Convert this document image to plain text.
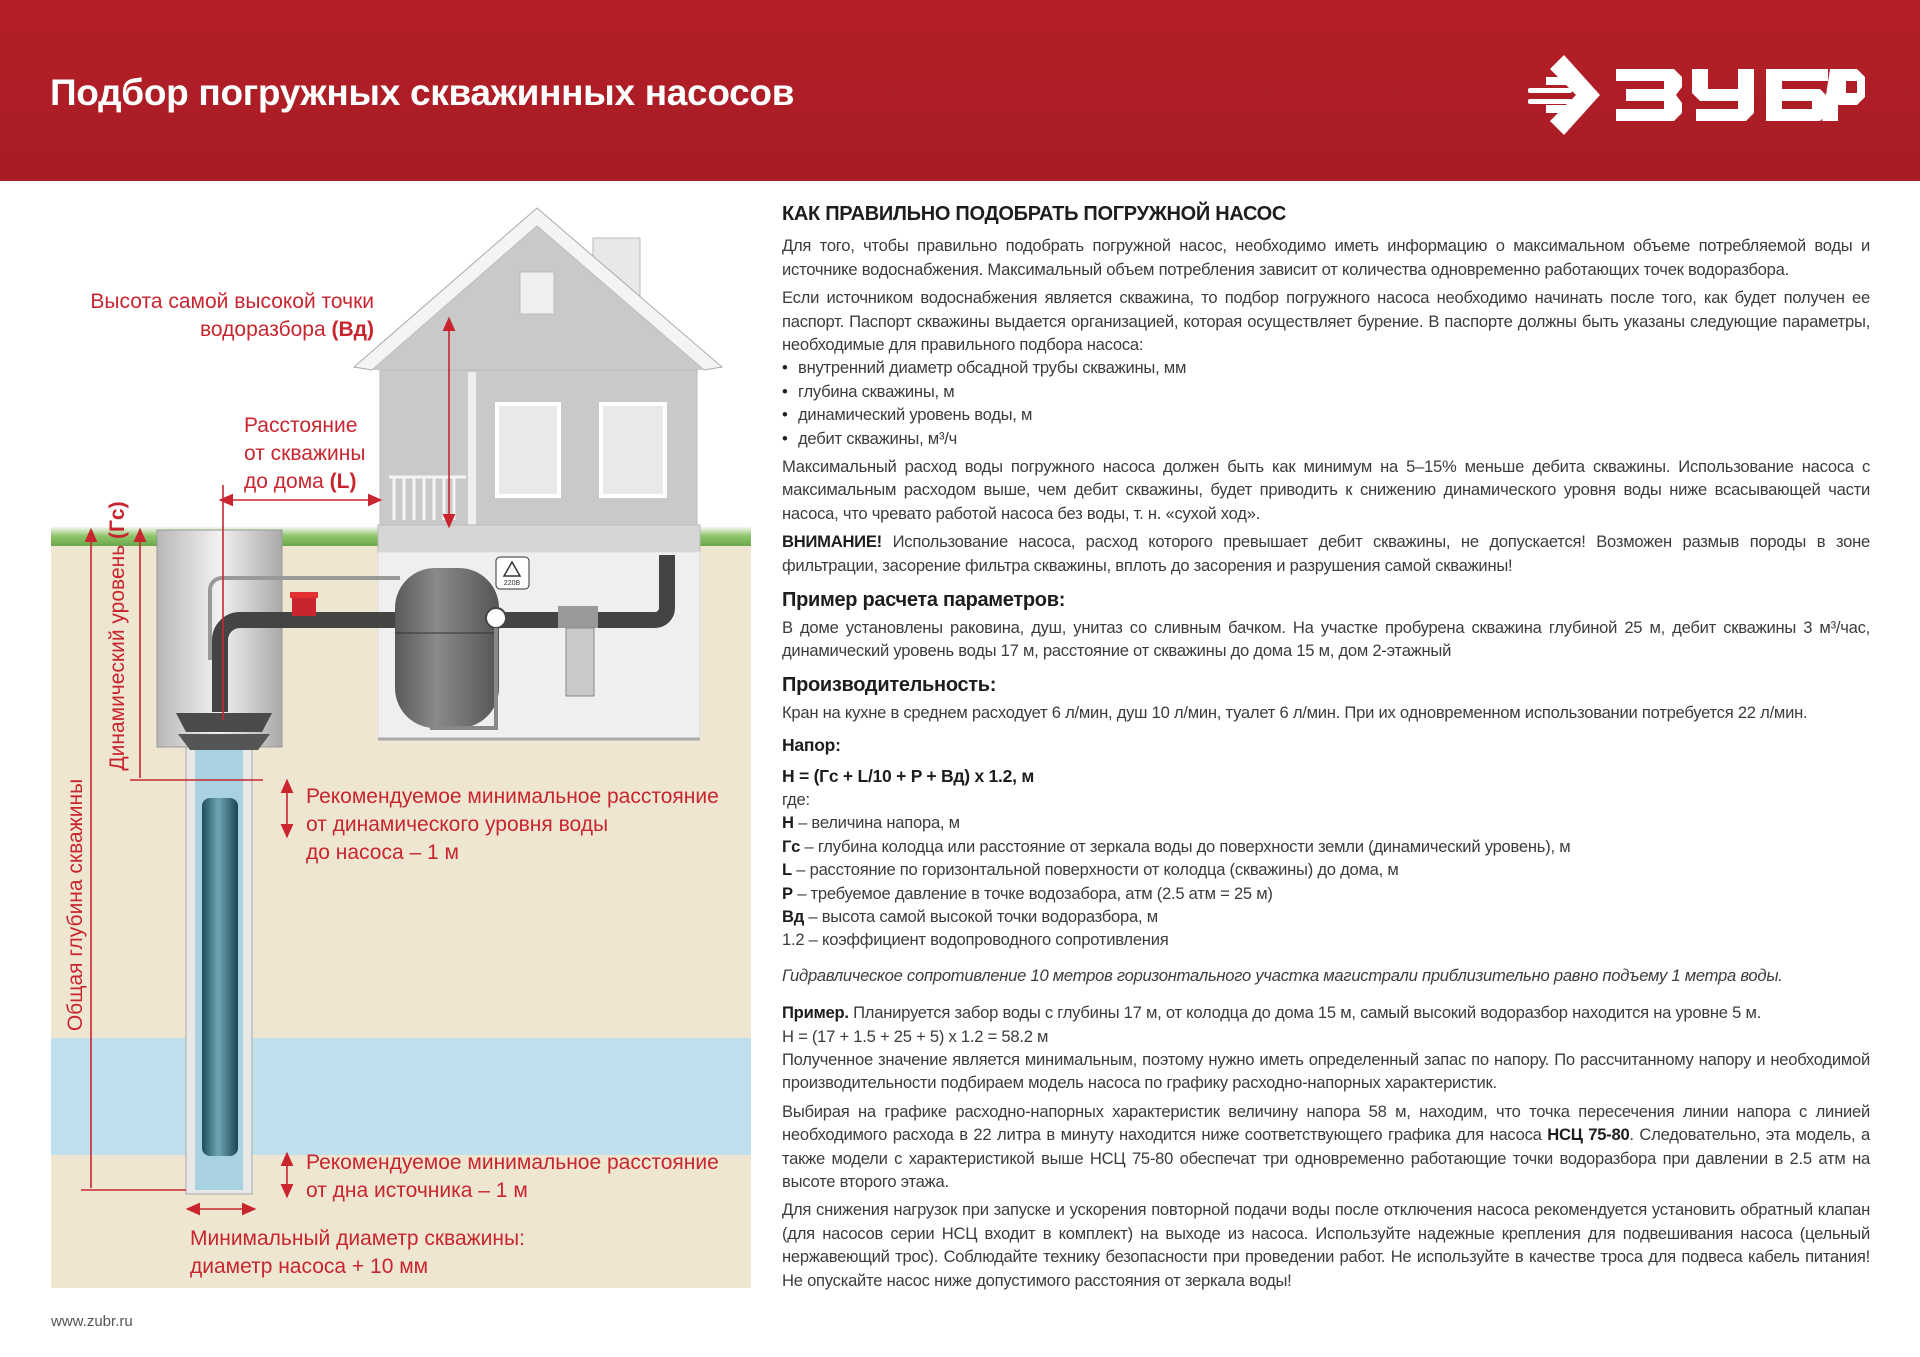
Подбор погружных скважинных насосов
220В
Высота самой высокой точки
водоразбора (Вд)
Расстояние
от скважины
до дома (L)
Динамический уровень (Гс)
Общая глубина скважины	Рекомендуемое минимальное расстояние
от динамического уровня воды
до насоса – 1 м
Рекомендуемое минимальное расстояние
от дна источника – 1 м
Минимальный диаметр скважины:
диаметр насоса + 10 мм
КАК ПРАВИЛЬНО ПОДОБРАТЬ ПОГРУЖНОЙ НАСОС

Для того, чтобы правильно подобрать погружной насос, необходимо иметь информацию о максимальном объеме потребляемой воды и источнике водоснабжения. Максимальный объем потребления зависит от количества одновременно работающих точек водоразбора.

Если источником водоснабжения является скважина, то подбор погружного насоса необходимо начинать после того, как будет получен ее паспорт. Паспорт скважины выдается организацией, которая осуществляет бурение. В паспорте должны быть указаны следующие параметры, необходимые для правильного подбора насоса:

• внутренний диаметр обсадной трубы скважины, мм
• глубина скважины, м
• динамический уровень воды, м
• дебит скважины, м³/ч

Максимальный расход воды погружного насоса должен быть как минимум на 5–15% меньше дебита скважины. Использование насоса с максимальным расходом выше, чем дебит скважины, будет приводить к снижению динамического уровня воды ниже всасывающей части насоса, что чревато работой насоса без воды, т. н. «сухой ход».

ВНИМАНИЕ! Использование насоса, расход которого превышает дебит скважины, не допускается! Возможен размыв породы в зоне фильтрации, засорение фильтра скважины, вплоть до засорения и разрушения самой скважины!

Пример расчета параметров:

В доме установлены раковина, душ, унитаз со сливным бачком. На участке пробурена скважина глубиной 25 м, дебит скважины 3 м³/час, динамический уровень воды 17 м, расстояние от скважины до дома 15 м, дом 2-этажный

Производительность:

Кран на кухне в среднем расходует 6 л/мин, душ 10 л/мин, туалет 6 л/мин. При их одновременном использовании потребуется 22 л/мин.

Напор:

H = (Гс + L/10 + P + Вд) x 1.2, м

где:

H – величина напора, м

Гс – глубина колодца или расстояние от зеркала воды до поверхности земли (динамический уровень), м

L – расстояние по горизонтальной поверхности от колодца (скважины) до дома, м

P – требуемое давление в точке водозабора, атм (2.5 атм = 25 м)

Вд – высота самой высокой точки водоразбора, м

1.2 – коэффициент водопроводного сопротивления

Гидравлическое сопротивление 10 метров горизонтального участка магистрали приблизительно равно подъему 1 метра воды.

Пример. Планируется забор воды с глубины 17 м, от колодца до дома 15 м, самый высокий водоразбор находится на уровне 5 м.

H = (17 + 1.5 + 25 + 5) x 1.2 = 58.2 м

Полученное значение является минимальным, поэтому нужно иметь определенный запас по напору. По рассчитанному напору и необходимой производительности подбираем модель насоса по графику расходно-напорных характеристик.

Выбирая на графике расходно-напорных характеристик величину напора 58 м, находим, что точка пересечения линии напора с линией необходимого расхода в 22 литра в минуту находится ниже соответствующего графика для насоса НСЦ 75-80. Следовательно, эта модель, а также модели с характеристикой выше НСЦ 75-80 обеспечат три одновременно работающие точки водоразбора при давлении в 2.5 атм на высоте второго этажа.

Для снижения нагрузок при запуске и ускорения повторной подачи воды после отключения насоса рекомендуется установить обратный клапан (для насосов серии НСЦ входит в комплект) на выходе из насоса. Используйте надежные крепления для подвешивания насоса (цельный нержавеющий трос). Соблюдайте технику безопасности при проведении работ. Не используйте в качестве троса для подвеса кабель питания! Не опускайте насос ниже допустимого расстояния от зеркала воды!

www.zubr.ru
